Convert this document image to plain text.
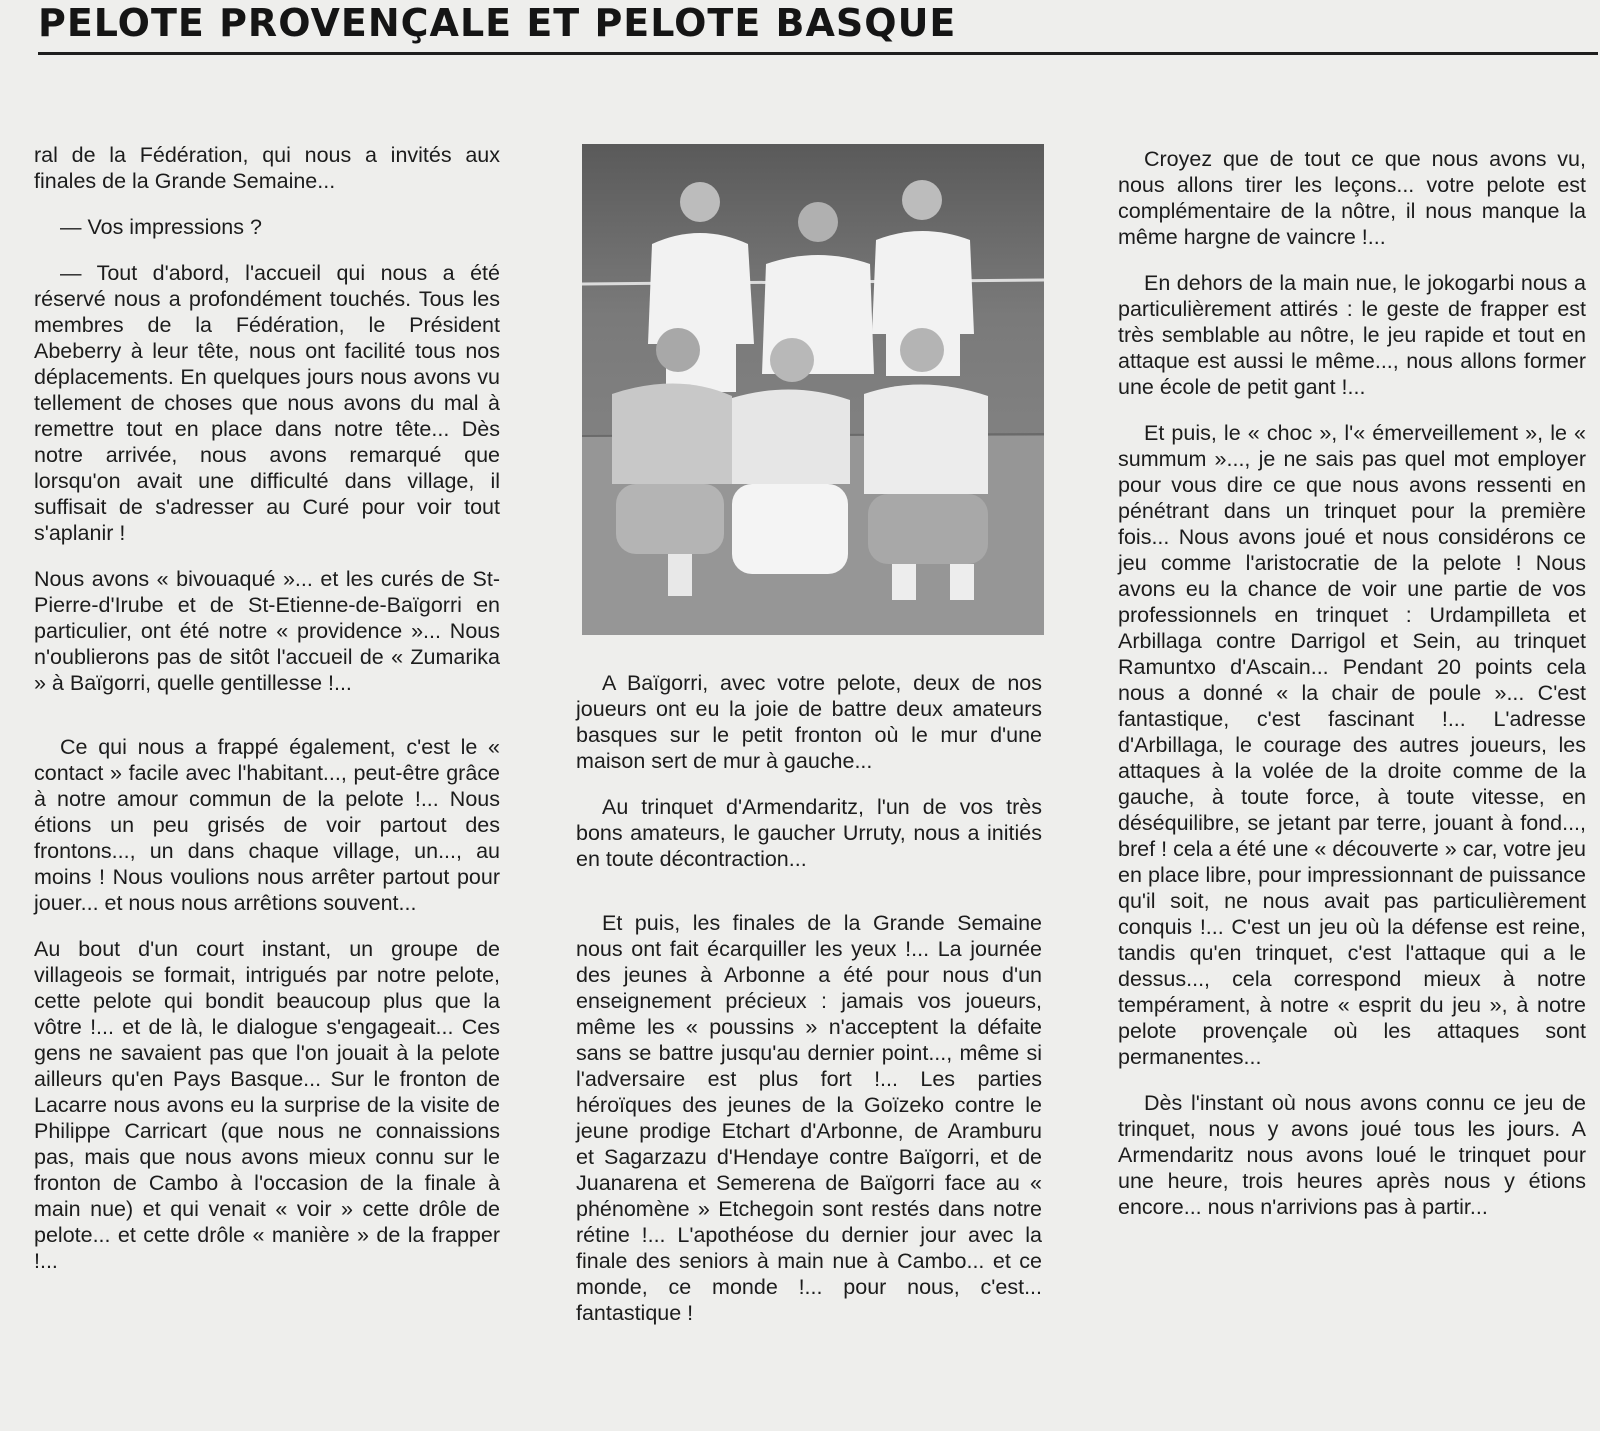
PELOTE PROVENÇALE ET PELOTE BASQUE

ral de la Fédération, qui nous a invités aux finales de la Grande Semaine...

— Vos impressions ?

— Tout d'abord, l'accueil qui nous a été réservé nous a profondément touchés. Tous les membres de la Fédération, le Président Abeberry à leur tête, nous ont facilité tous nos déplacements. En quelques jours nous avons vu tellement de choses que nous avons du mal à remettre tout en place dans notre tête... Dès notre arrivée, nous avons remarqué que lorsqu'on avait une difficulté dans village, il suffisait de s'adresser au Curé pour voir tout s'aplanir !

Nous avons « bivouaqué »... et les curés de St-Pierre-d'Irube et de St-Etienne-de-Baïgorri en particulier, ont été notre « providence »... Nous n'oublierons pas de sitôt l'accueil de « Zumarika » à Baïgorri, quelle gentillesse !...

Ce qui nous a frappé également, c'est le « contact » facile avec l'habitant..., peut-être grâce à notre amour commun de la pelote !... Nous étions un peu grisés de voir partout des frontons..., un dans chaque village, un..., au moins ! Nous voulions nous arrêter partout pour jouer... et nous nous arrêtions souvent...

Au bout d'un court instant, un groupe de villageois se formait, intrigués par notre pelote, cette pelote qui bondit beaucoup plus que la vôtre !... et de là, le dialogue s'engageait... Ces gens ne savaient pas que l'on jouait à la pelote ailleurs qu'en Pays Basque... Sur le fronton de Lacarre nous avons eu la surprise de la visite de Philippe Carricart (que nous ne connaissions pas, mais que nous avons mieux connu sur le fronton de Cambo à l'occasion de la finale à main nue) et qui venait « voir » cette drôle de pelote... et cette drôle « manière » de la frapper !...

A Baïgorri, avec votre pelote, deux de nos joueurs ont eu la joie de battre deux amateurs basques sur le petit fronton où le mur d'une maison sert de mur à gauche...

Au trinquet d'Armendaritz, l'un de vos très bons amateurs, le gaucher Urruty, nous a initiés en toute décontraction...

Et puis, les finales de la Grande Semaine nous ont fait écarquiller les yeux !... La journée des jeunes à Arbonne a été pour nous d'un enseignement précieux : jamais vos joueurs, même les « poussins » n'acceptent la défaite sans se battre jusqu'au dernier point..., même si l'adversaire est plus fort !... Les parties héroïques des jeunes de la Goïzeko contre le jeune prodige Etchart d'Arbonne, de Aramburu et Sagarzazu d'Hendaye contre Baïgorri, et de Juanarena et Semerena de Baïgorri face au « phénomène » Etchegoin sont restés dans notre rétine !... L'apothéose du dernier jour avec la finale des seniors à main nue à Cambo... et ce monde, ce monde !... pour nous, c'est... fantastique !

Croyez que de tout ce que nous avons vu, nous allons tirer les leçons... votre pelote est complémentaire de la nôtre, il nous manque la même hargne de vaincre !...

En dehors de la main nue, le jokogarbi nous a particulièrement attirés : le geste de frapper est très semblable au nôtre, le jeu rapide et tout en attaque est aussi le même..., nous allons former une école de petit gant !...

Et puis, le « choc », l'« émerveillement », le « summum »..., je ne sais pas quel mot employer pour vous dire ce que nous avons ressenti en pénétrant dans un trinquet pour la première fois... Nous avons joué et nous considérons ce jeu comme l'aristocratie de la pelote ! Nous avons eu la chance de voir une partie de vos professionnels en trinquet : Urdampilleta et Arbillaga contre Darrigol et Sein, au trinquet Ramuntxo d'Ascain... Pendant 20 points cela nous a donné « la chair de poule »... C'est fantastique, c'est fascinant !... L'adresse d'Arbillaga, le courage des autres joueurs, les attaques à la volée de la droite comme de la gauche, à toute force, à toute vitesse, en déséquilibre, se jetant par terre, jouant à fond..., bref ! cela a été une « découverte » car, votre jeu en place libre, pour impressionnant de puissance qu'il soit, ne nous avait pas particulièrement conquis !... C'est un jeu où la défense est reine, tandis qu'en trinquet, c'est l'attaque qui a le dessus..., cela correspond mieux à notre tempérament, à notre « esprit du jeu », à notre pelote provençale où les attaques sont permanentes...

Dès l'instant où nous avons connu ce jeu de trinquet, nous y avons joué tous les jours. A Armendaritz nous avons loué le trinquet pour une heure, trois heures après nous y étions encore... nous n'arrivions pas à partir...
